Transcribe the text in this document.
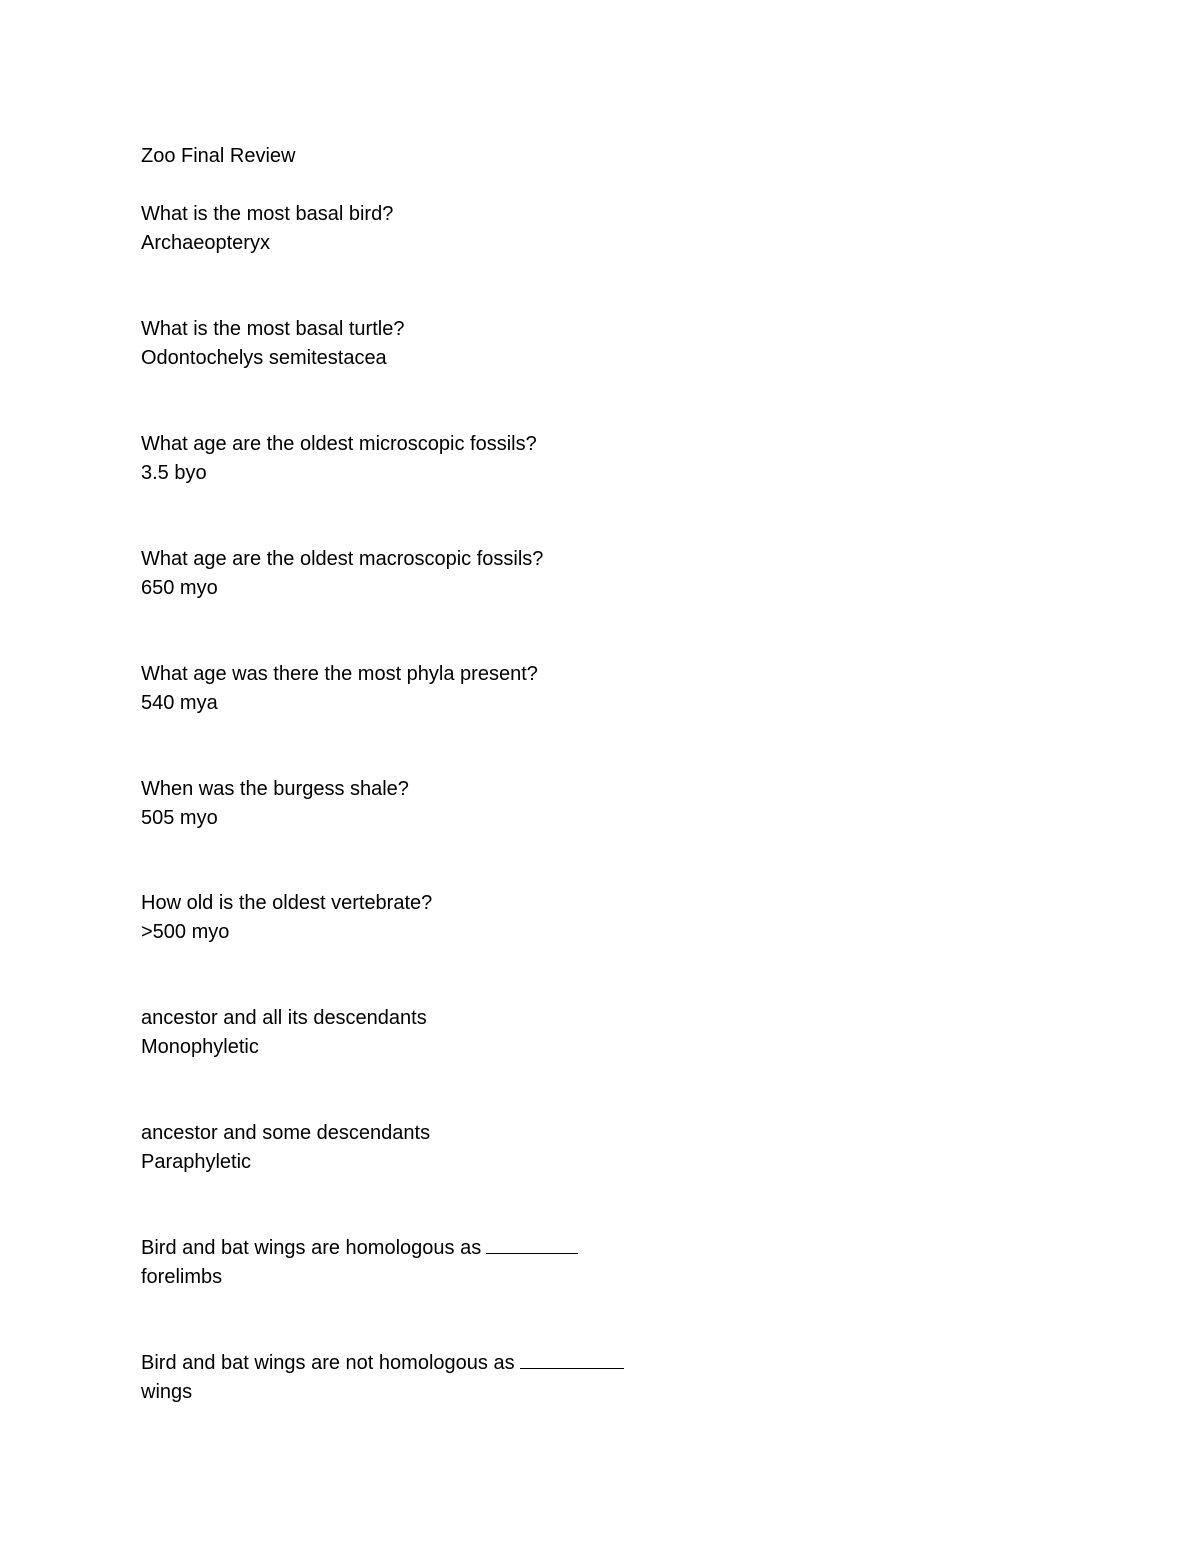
Zoo Final Review
What is the most basal bird?
Archaeopteryx
What is the most basal turtle?
Odontochelys semitestacea
What age are the oldest microscopic fossils?
3.5 byo
What age are the oldest macroscopic fossils?
650 myo
What age was there the most phyla present?
540 mya
When was the burgess shale?
505 myo
How old is the oldest vertebrate?
>500 myo
ancestor and all its descendants
Monophyletic
ancestor and some descendants
Paraphyletic
Bird and bat wings are homologous as
forelimbs
Bird and bat wings are not homologous as
wings
